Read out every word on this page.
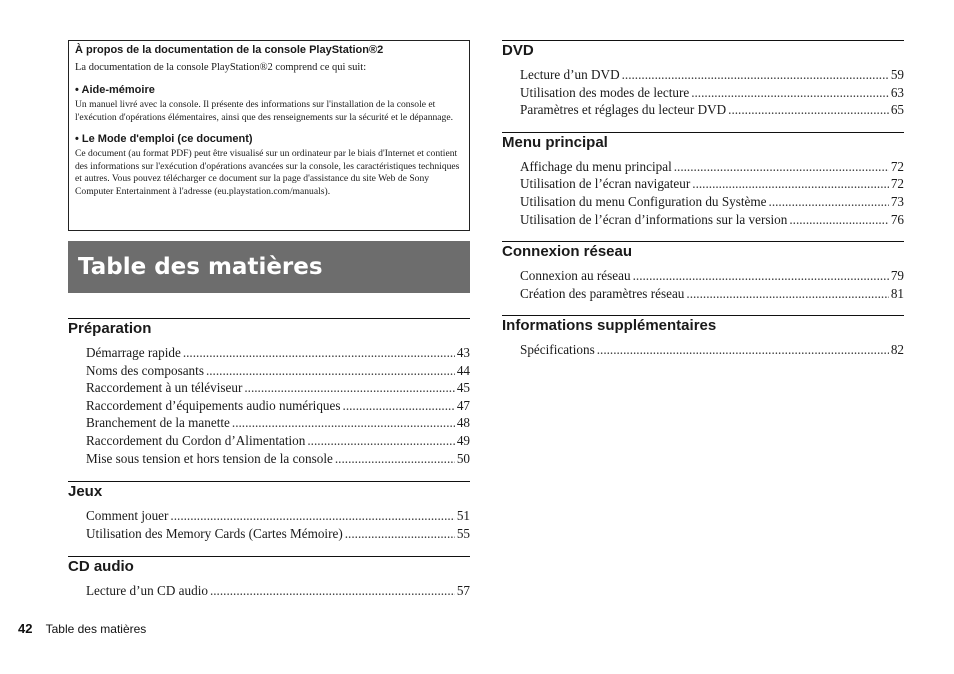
À propos de la documentation de la console PlayStation®2

La documentation de la console PlayStation®2 comprend ce qui suit:

• Aide-mémoire

Un manuel livré avec la console. Il présente des informations sur l'installation de la console et l'exécution d'opérations élémentaires, ainsi que des renseignements sur la sécurité et le dépannage.

• Le Mode d'emploi (ce document)

Ce document (au format PDF) peut être visualisé sur un ordinateur par le biais d'Internet et contient des informations sur l'exécution d'opérations avancées sur la console, les caractéristiques techniques et autres. Vous pouvez télécharger ce document sur la page d'assistance du site Web de Sony Computer Entertainment à l'adresse (eu.playstation.com/manuals).

Table des matières
Préparation
Démarrage rapide .....	43
Noms des composants .....	44
Raccordement à un téléviseur .....	45
Raccordement d’équipements audio numériques .....	47
Branchement de la manette .....	48
Raccordement du Cordon d’Alimentation .....	49
Mise sous tension et hors tension de la console .....	50
Jeux
Comment jouer .....	51
Utilisation des Memory Cards (Cartes Mémoire) .....	55
CD audio
Lecture d’un CD audio .....	57
DVD
Lecture d’un DVD .....	59
Utilisation des modes de lecture .....	63
Paramètres et réglages du lecteur DVD .....	65
Menu principal
Affichage du menu principal .....	72
Utilisation de l’écran navigateur .....	72
Utilisation du menu Configuration du Système .....	73
Utilisation de l’écran d’informations sur la version .....	76
Connexion réseau
Connexion au réseau .....	79
Création des paramètres réseau .....	81
Informations supplémentaires
Spécifications .....	82
42 Table des matières
